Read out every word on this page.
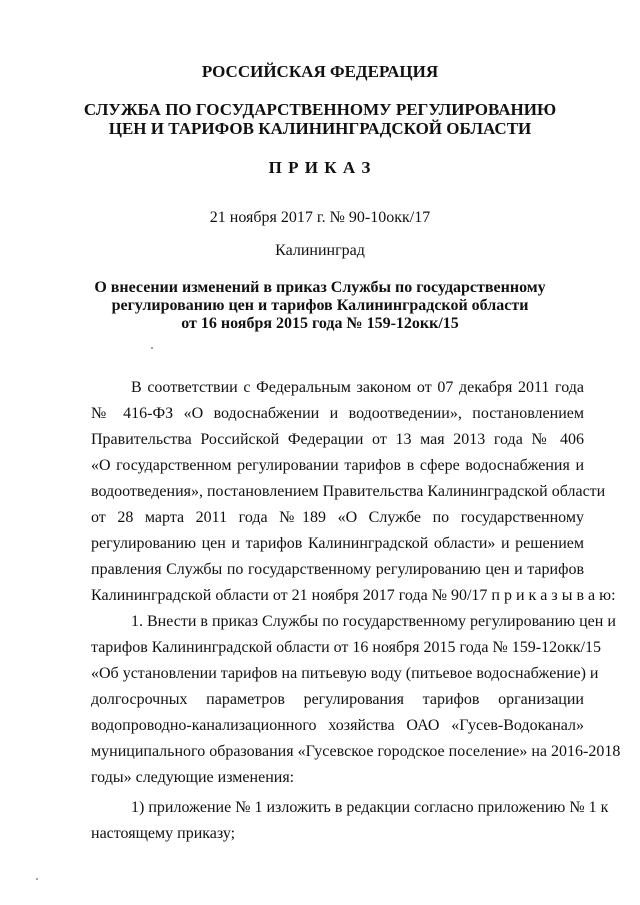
РОССИЙСКАЯ ФЕДЕРАЦИЯ
СЛУЖБА ПО ГОСУДАРСТВЕННОМУ РЕГУЛИРОВАНИЮ
ЦЕН И ТАРИФОВ КАЛИНИНГРАДСКОЙ ОБЛАСТИ
П Р И К А З
21 ноября 2017 г. № 90-10окк/17
Калининград
О внесении изменений в приказ Службы по государственному
регулированию цен и тарифов Калининградской области
от 16 ноября 2015 года № 159-12окк/15
В соответствии с Федеральным законом от 07 декабря 2011 года
№ 416-ФЗ «О водоснабжении и водоотведении», постановлением
Правительства Российской Федерации от 13 мая 2013 года № 406
«О государственном регулировании тарифов в сфере водоснабжения и
водоотведения», постановлением Правительства Калининградской области
от 28 марта 2011 года №189 «О Службе по государственному
регулированию цен и тарифов Калининградской области» и решением
правления Службы по государственному регулированию цен и тарифов
Калининградской области от 21 ноября 2017 года № 90/17 п р и к а з ы в а ю:
1. Внести в приказ Службы по государственному регулированию цен и
тарифов Калининградской области от 16 ноября 2015 года № 159-12окк/15
«Об установлении тарифов на питьевую воду (питьевое водоснабжение) и
долгосрочных параметров регулирования тарифов организации
водопроводно-канализационного хозяйства ОАО «Гусев-Водоканал»
муниципального образования «Гусевское городское поселение» на 2016-2018
годы» следующие изменения:
1) приложение № 1 изложить в редакции согласно приложению № 1 к
настоящему приказу;
